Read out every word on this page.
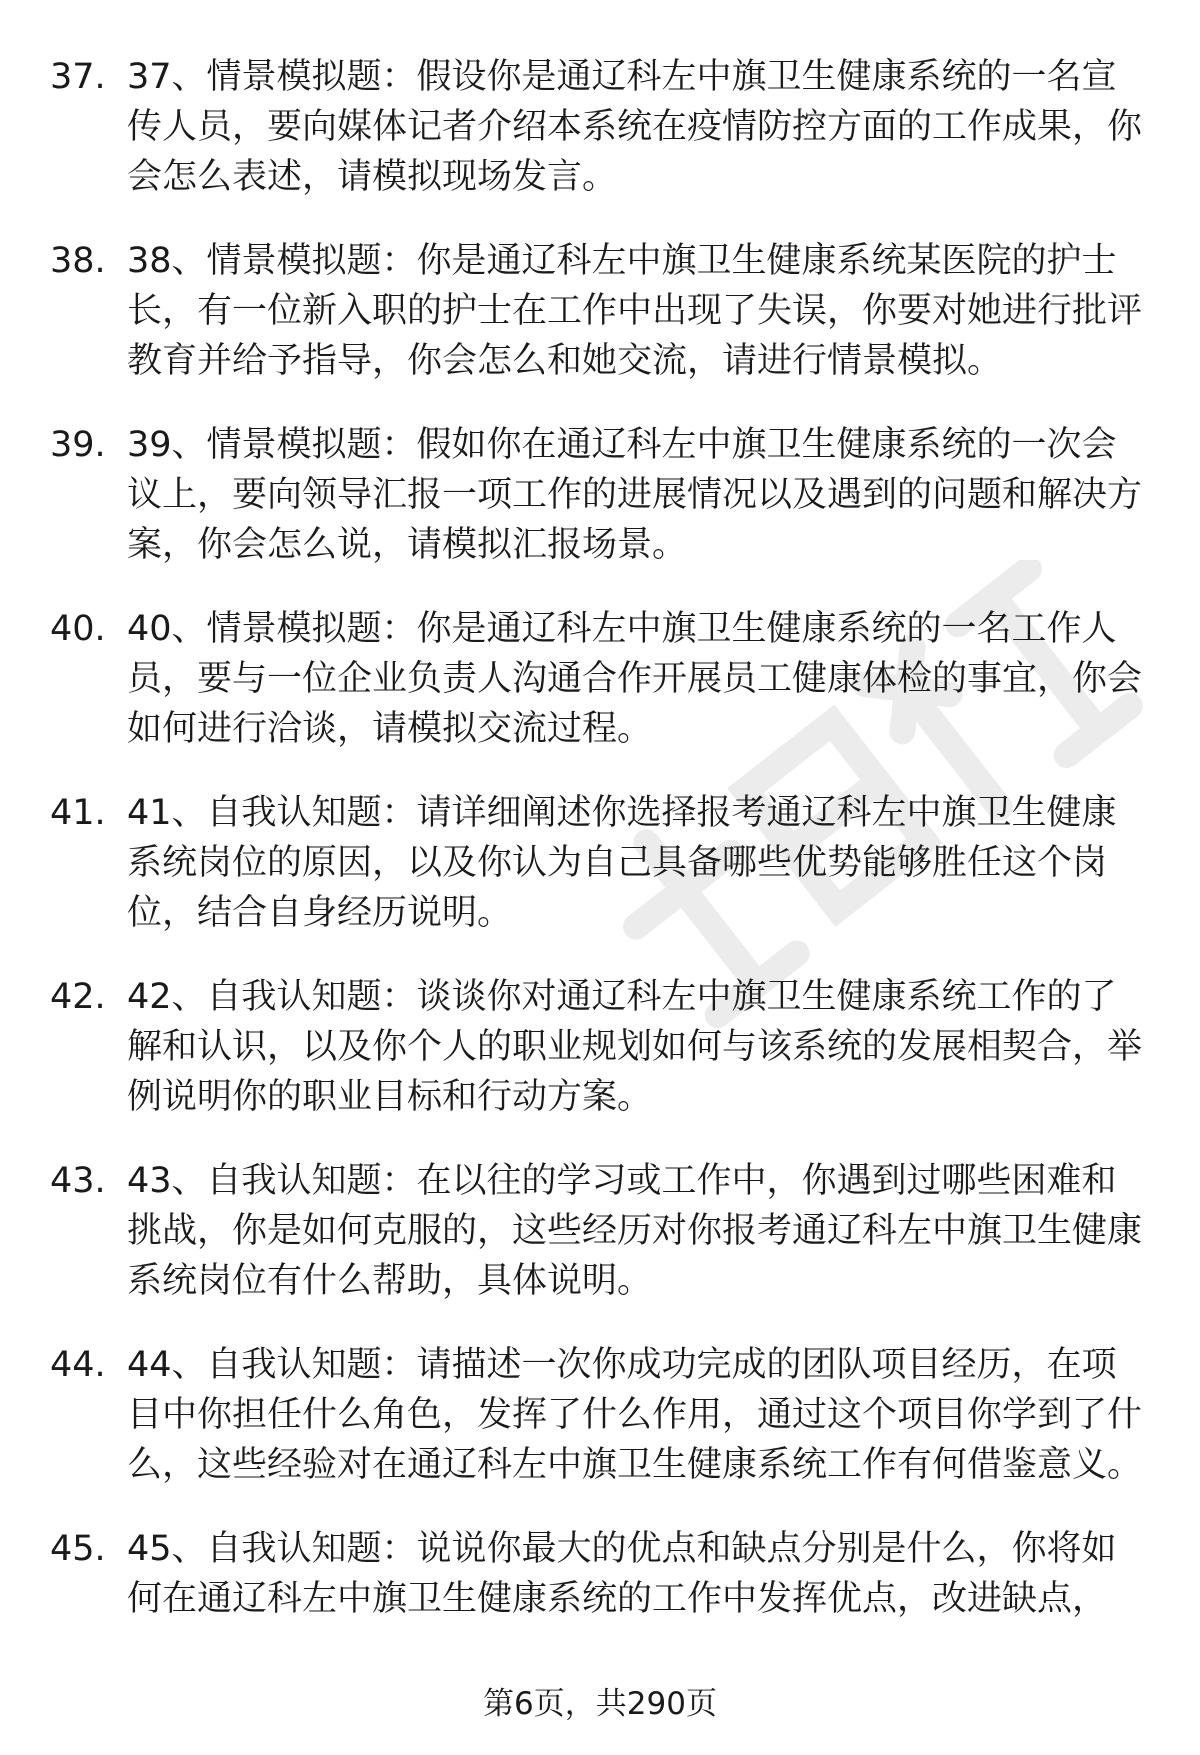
37. 37、情景模拟题：假设你是通辽科左中旗卫生健康系统的一名宣传人员，要向媒体记者介绍本系统在疫情防控方面的工作成果，你会怎么表述，请模拟现场发言。
38. 38、情景模拟题：你是通辽科左中旗卫生健康系统某医院的护士长，有一位新入职的护士在工作中出现了失误，你要对她进行批评教育并给予指导，你会怎么和她交流，请进行情景模拟。
39. 39、情景模拟题：假如你在通辽科左中旗卫生健康系统的一次会议上，要向领导汇报一项工作的进展情况以及遇到的问题和解决方案，你会怎么说，请模拟汇报场景。
40. 40、情景模拟题：你是通辽科左中旗卫生健康系统的一名工作人员，要与一位企业负责人沟通合作开展员工健康体检的事宜，你会如何进行洽谈，请模拟交流过程。
41. 41、自我认知题：请详细阐述你选择报考通辽科左中旗卫生健康系统岗位的原因，以及你认为自己具备哪些优势能够胜任这个岗位，结合自身经历说明。
42. 42、自我认知题：谈谈你对通辽科左中旗卫生健康系统工作的了解和认识，以及你个人的职业规划如何与该系统的发展相契合，举例说明你的职业目标和行动方案。
43. 43、自我认知题：在以往的学习或工作中，你遇到过哪些困难和挑战，你是如何克服的，这些经历对你报考通辽科左中旗卫生健康系统岗位有什么帮助，具体说明。
44. 44、自我认知题：请描述一次你成功完成的团队项目经历，在项目中你担任什么角色，发挥了什么作用，通过这个项目你学到了什么，这些经验对在通辽科左中旗卫生健康系统工作有何借鉴意义。
45. 45、自我认知题：说说你最大的优点和缺点分别是什么，你将如何在通辽科左中旗卫生健康系统的工作中发挥优点，改进缺点，
第6页，共290页
